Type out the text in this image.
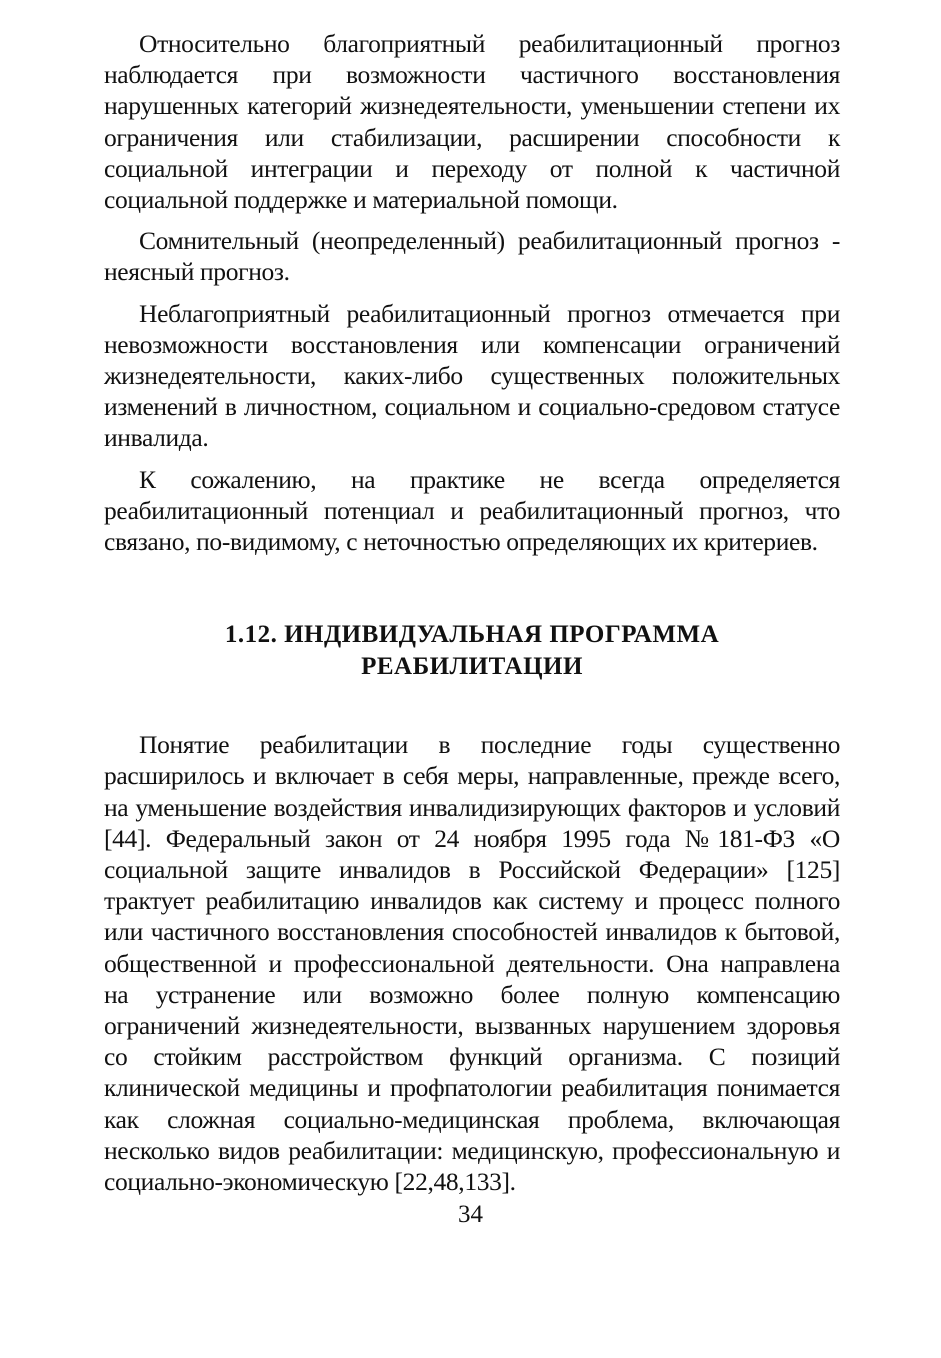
Относительно благоприятный реабилитационный прогноз наблюдается при возможности частичного восстановления нарушенных категорий жизнедеятельности, уменьшении степени их ограничения или стабилизации, расширении способности к социальной интеграции и переходу от полной к частичной социальной поддержке и материальной помощи.

Сомнительный (неопределенный) реабилитационный прогноз - неясный прогноз.

Неблагоприятный реабилитационный прогноз отмечается при невозможности восстановления или компенсации ограничений жизнедеятельности, каких-либо существенных положительных изменений в личностном, социальном и социально-средовом статусе инвалида.

К сожалению, на практике не всегда определяется реабилитационный потенциал и реабилитационный прогноз, что связано, по-видимому, с неточностью определяющих их критериев.

1.12. ИНДИВИДУАЛЬНАЯ ПРОГРАММА
РЕАБИЛИТАЦИИ

Понятие реабилитации в последние годы существенно расширилось и включает в себя меры, направленные, прежде всего, на уменьшение воздействия инвалидизирующих факторов и условий [44]. Федеральный закон от 24 ноября 1995 года №181-ФЗ «О социальной защите инвалидов в Российской Федерации» [125] трактует реабилитацию инвалидов как систему и процесс полного или частичного восстановления способностей инвалидов к бытовой, общественной и профессиональной деятельности. Она направлена на устранение или возможно более полную компенсацию ограничений жизнедеятельности, вызванных нарушением здоровья со стойким расстройством функций организма. С позиций клинической медицины и профпатологии реабилитация понимается как сложная социально-медицинская проблема, включающая несколько видов реабилитации: медицинскую, профессиональную и социально-экономическую [22,48,133].

34
